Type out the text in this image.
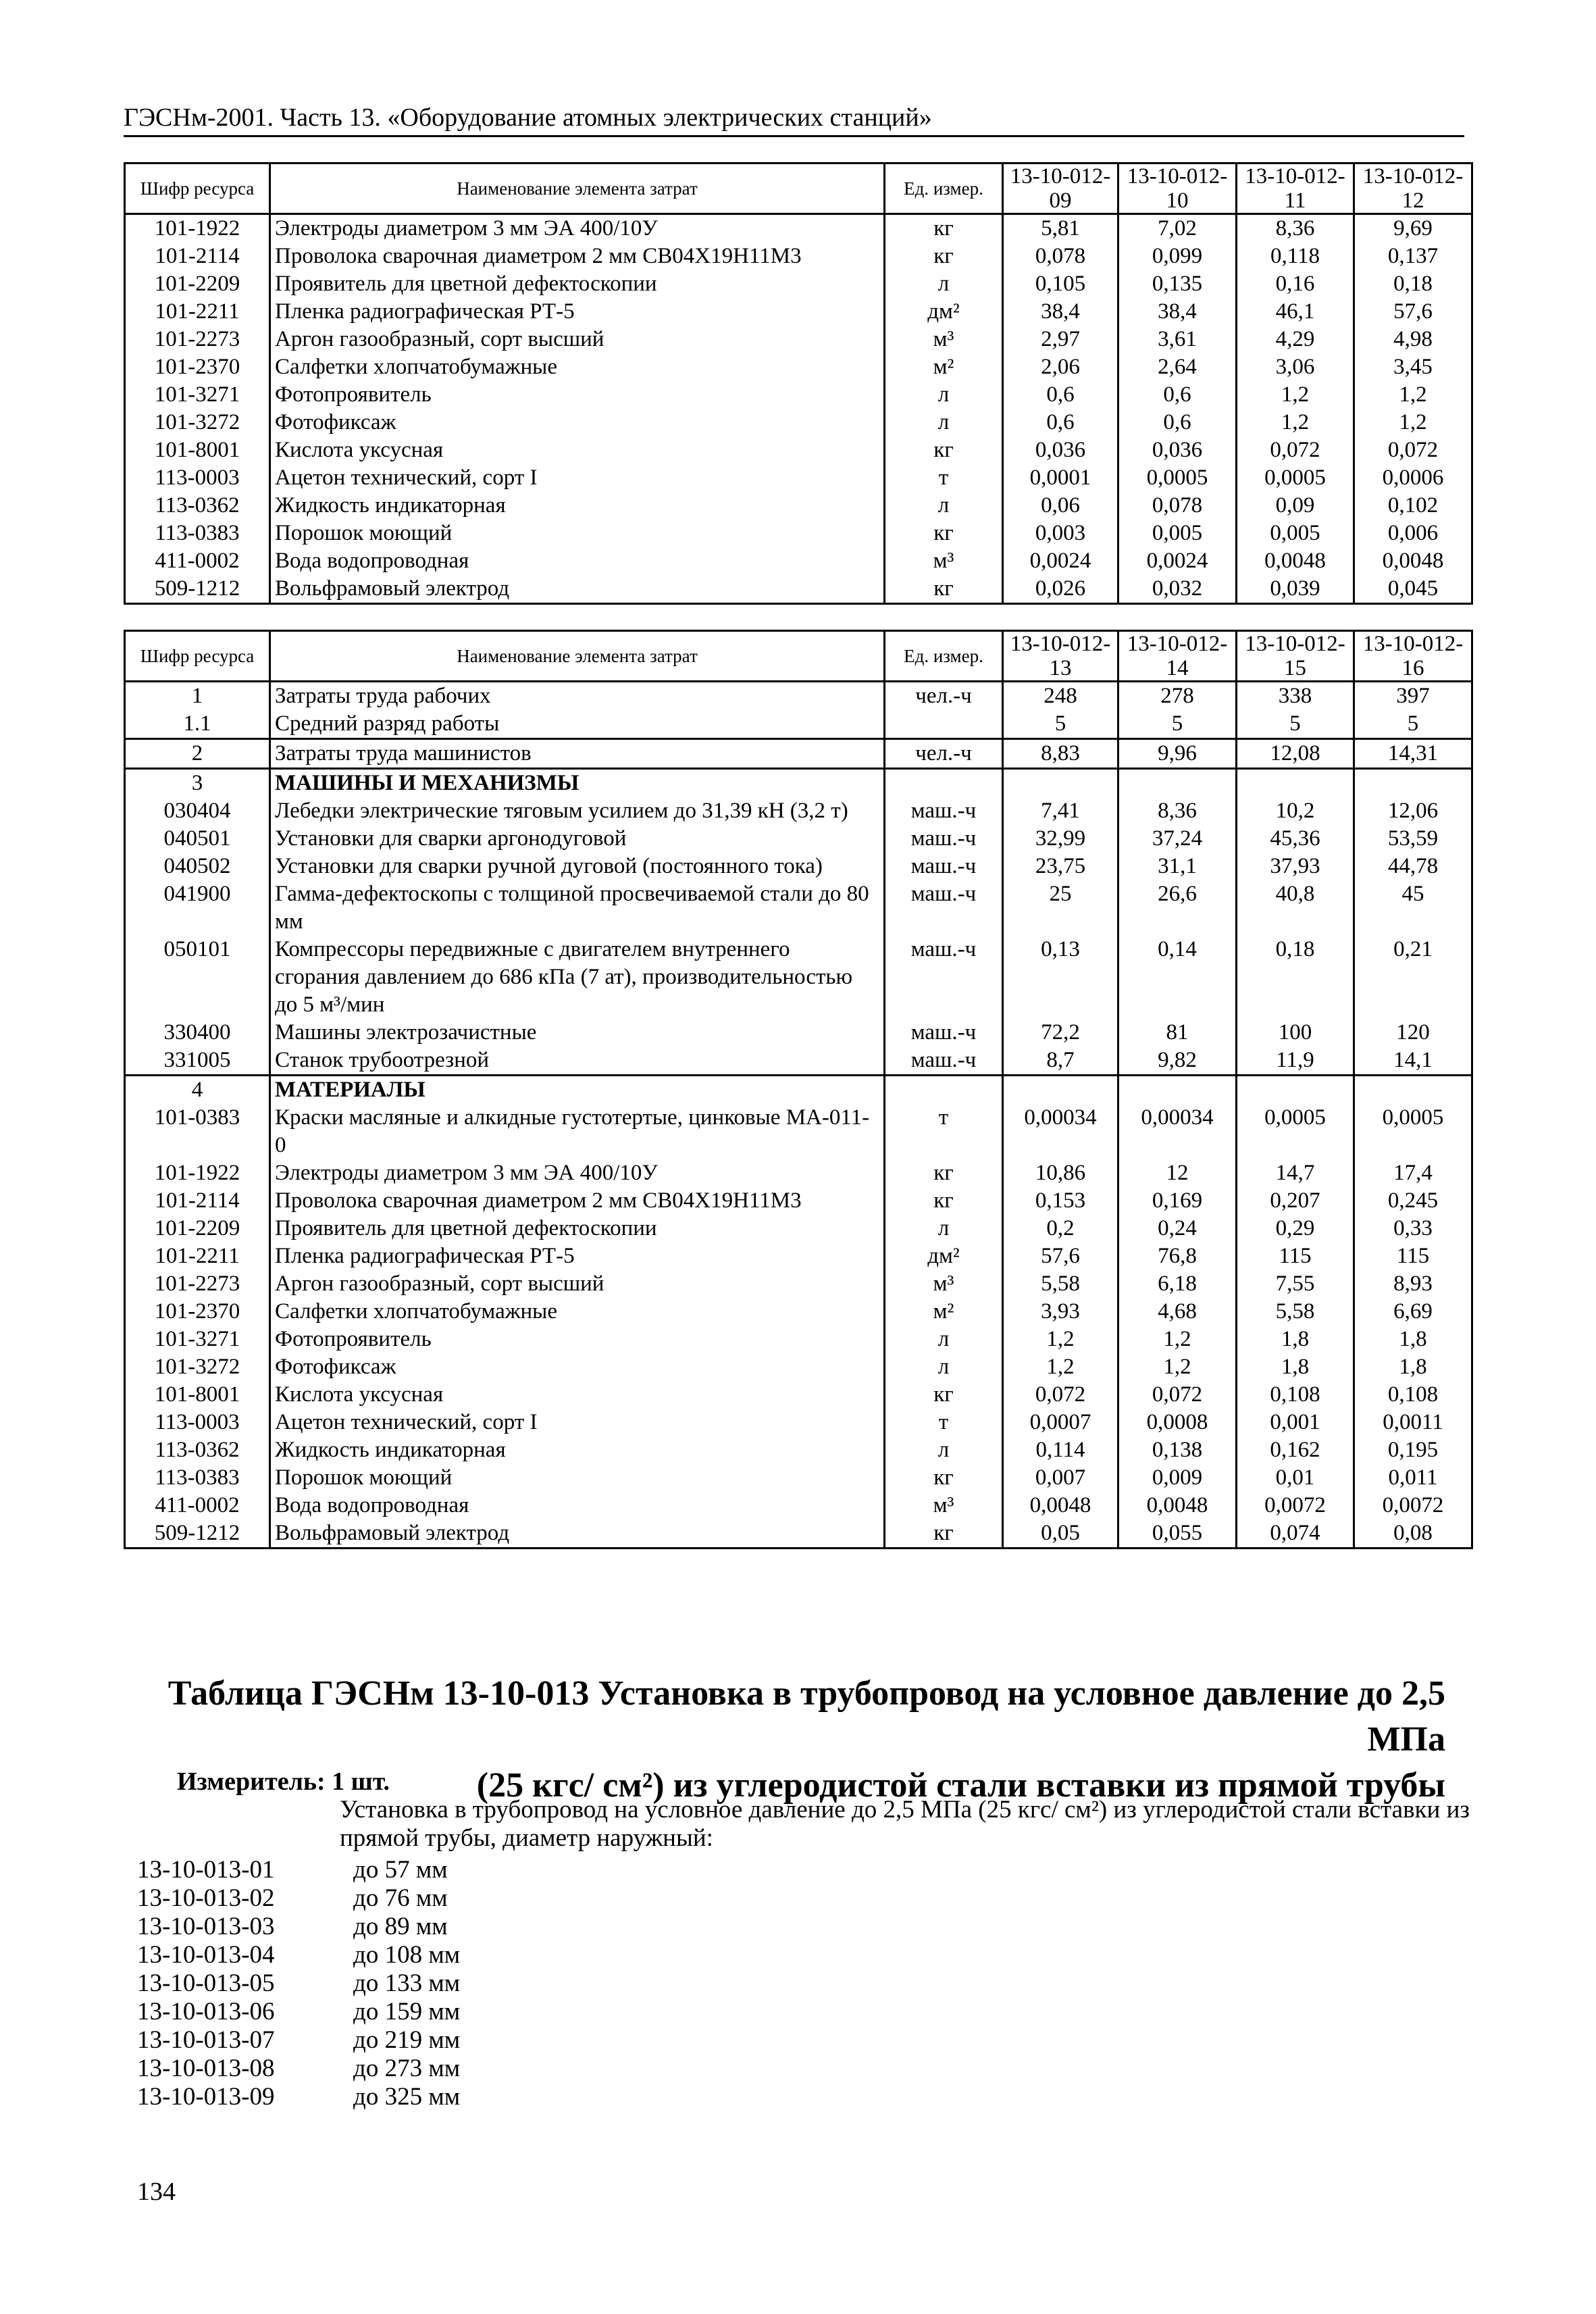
ГЭСНм-2001. Часть 13. «Оборудование атомных электрических станций»
Шифр ресурса	Наименование элемента затрат	Ед. измер.	13-10-012-09	13-10-012-10	13-10-012-11	13-10-012-12
101-1922	Электроды диаметром 3 мм ЭА 400/10У	кг	5,81	7,02	8,36	9,69
101-2114	Проволока сварочная диаметром 2 мм СВ04Х19Н11М3	кг	0,078	0,099	0,118	0,137
101-2209	Проявитель для цветной дефектоскопии	л	0,105	0,135	0,16	0,18
101-2211	Пленка радиографическая РТ-5	дм²	38,4	38,4	46,1	57,6
101-2273	Аргон газообразный, сорт высший	м³	2,97	3,61	4,29	4,98
101-2370	Салфетки хлопчатобумажные	м²	2,06	2,64	3,06	3,45
101-3271	Фотопроявитель	л	0,6	0,6	1,2	1,2
101-3272	Фотофиксаж	л	0,6	0,6	1,2	1,2
101-8001	Кислота уксусная	кг	0,036	0,036	0,072	0,072
113-0003	Ацетон технический, сорт I	т	0,0001	0,0005	0,0005	0,0006
113-0362	Жидкость индикаторная	л	0,06	0,078	0,09	0,102
113-0383	Порошок моющий	кг	0,003	0,005	0,005	0,006
411-0002	Вода водопроводная	м³	0,0024	0,0024	0,0048	0,0048
509-1212	Вольфрамовый электрод	кг	0,026	0,032	0,039	0,045
Шифр ресурса	Наименование элемента затрат	Ед. измер.	13-10-012-13	13-10-012-14	13-10-012-15	13-10-012-16
1	Затраты труда рабочих	чел.-ч	248	278	338	397
1.1	Средний разряд работы		5	5	5	5
2	Затраты труда машинистов	чел.-ч	8,83	9,96	12,08	14,31
3	МАШИНЫ И МЕХАНИЗМЫ					
030404	Лебедки электрические тяговым усилием до 31,39 кН (3,2 т)	маш.-ч	7,41	8,36	10,2	12,06
040501	Установки для сварки аргонодуговой	маш.-ч	32,99	37,24	45,36	53,59
040502	Установки для сварки ручной дуговой (постоянного тока)	маш.-ч	23,75	31,1	37,93	44,78
041900	Гамма-дефектоскопы с толщиной просвечиваемой стали до 80 мм	маш.-ч	25	26,6	40,8	45
050101	Компрессоры передвижные с двигателем внутреннего сгорания давлением до 686 кПа (7 ат), производительностью до 5 м³/мин	маш.-ч	0,13	0,14	0,18	0,21
330400	Машины электрозачистные	маш.-ч	72,2	81	100	120
331005	Станок трубоотрезной	маш.-ч	8,7	9,82	11,9	14,1
4	МАТЕРИАЛЫ					
101-0383	Краски масляные и алкидные густотертые, цинковые МА-011-0	т	0,00034	0,00034	0,0005	0,0005
101-1922	Электроды диаметром 3 мм ЭА 400/10У	кг	10,86	12	14,7	17,4
101-2114	Проволока сварочная диаметром 2 мм СВ04Х19Н11М3	кг	0,153	0,169	0,207	0,245
101-2209	Проявитель для цветной дефектоскопии	л	0,2	0,24	0,29	0,33
101-2211	Пленка радиографическая РТ-5	дм²	57,6	76,8	115	115
101-2273	Аргон газообразный, сорт высший	м³	5,58	6,18	7,55	8,93
101-2370	Салфетки хлопчатобумажные	м²	3,93	4,68	5,58	6,69
101-3271	Фотопроявитель	л	1,2	1,2	1,8	1,8
101-3272	Фотофиксаж	л	1,2	1,2	1,8	1,8
101-8001	Кислота уксусная	кг	0,072	0,072	0,108	0,108
113-0003	Ацетон технический, сорт I	т	0,0007	0,0008	0,001	0,0011
113-0362	Жидкость индикаторная	л	0,114	0,138	0,162	0,195
113-0383	Порошок моющий	кг	0,007	0,009	0,01	0,011
411-0002	Вода водопроводная	м³	0,0048	0,0048	0,0072	0,0072
509-1212	Вольфрамовый электрод	кг	0,05	0,055	0,074	0,08
Таблица ГЭСНм 13-10-013 Установка в трубопровод на условное давление до 2,5 МПа
(25 кгс/ см²) из углеродистой стали вставки из прямой трубы
Измеритель: 1 шт.
Установка в трубопровод на условное давление до 2,5 МПа (25 кгс/ см²) из углеродистой стали вставки из прямой трубы, диаметр наружный:
13-10-013-01	до 57 мм
13-10-013-02	до 76 мм
13-10-013-03	до 89 мм
13-10-013-04	до 108 мм
13-10-013-05	до 133 мм
13-10-013-06	до 159 мм
13-10-013-07	до 219 мм
13-10-013-08	до 273 мм
13-10-013-09	до 325 мм
134
